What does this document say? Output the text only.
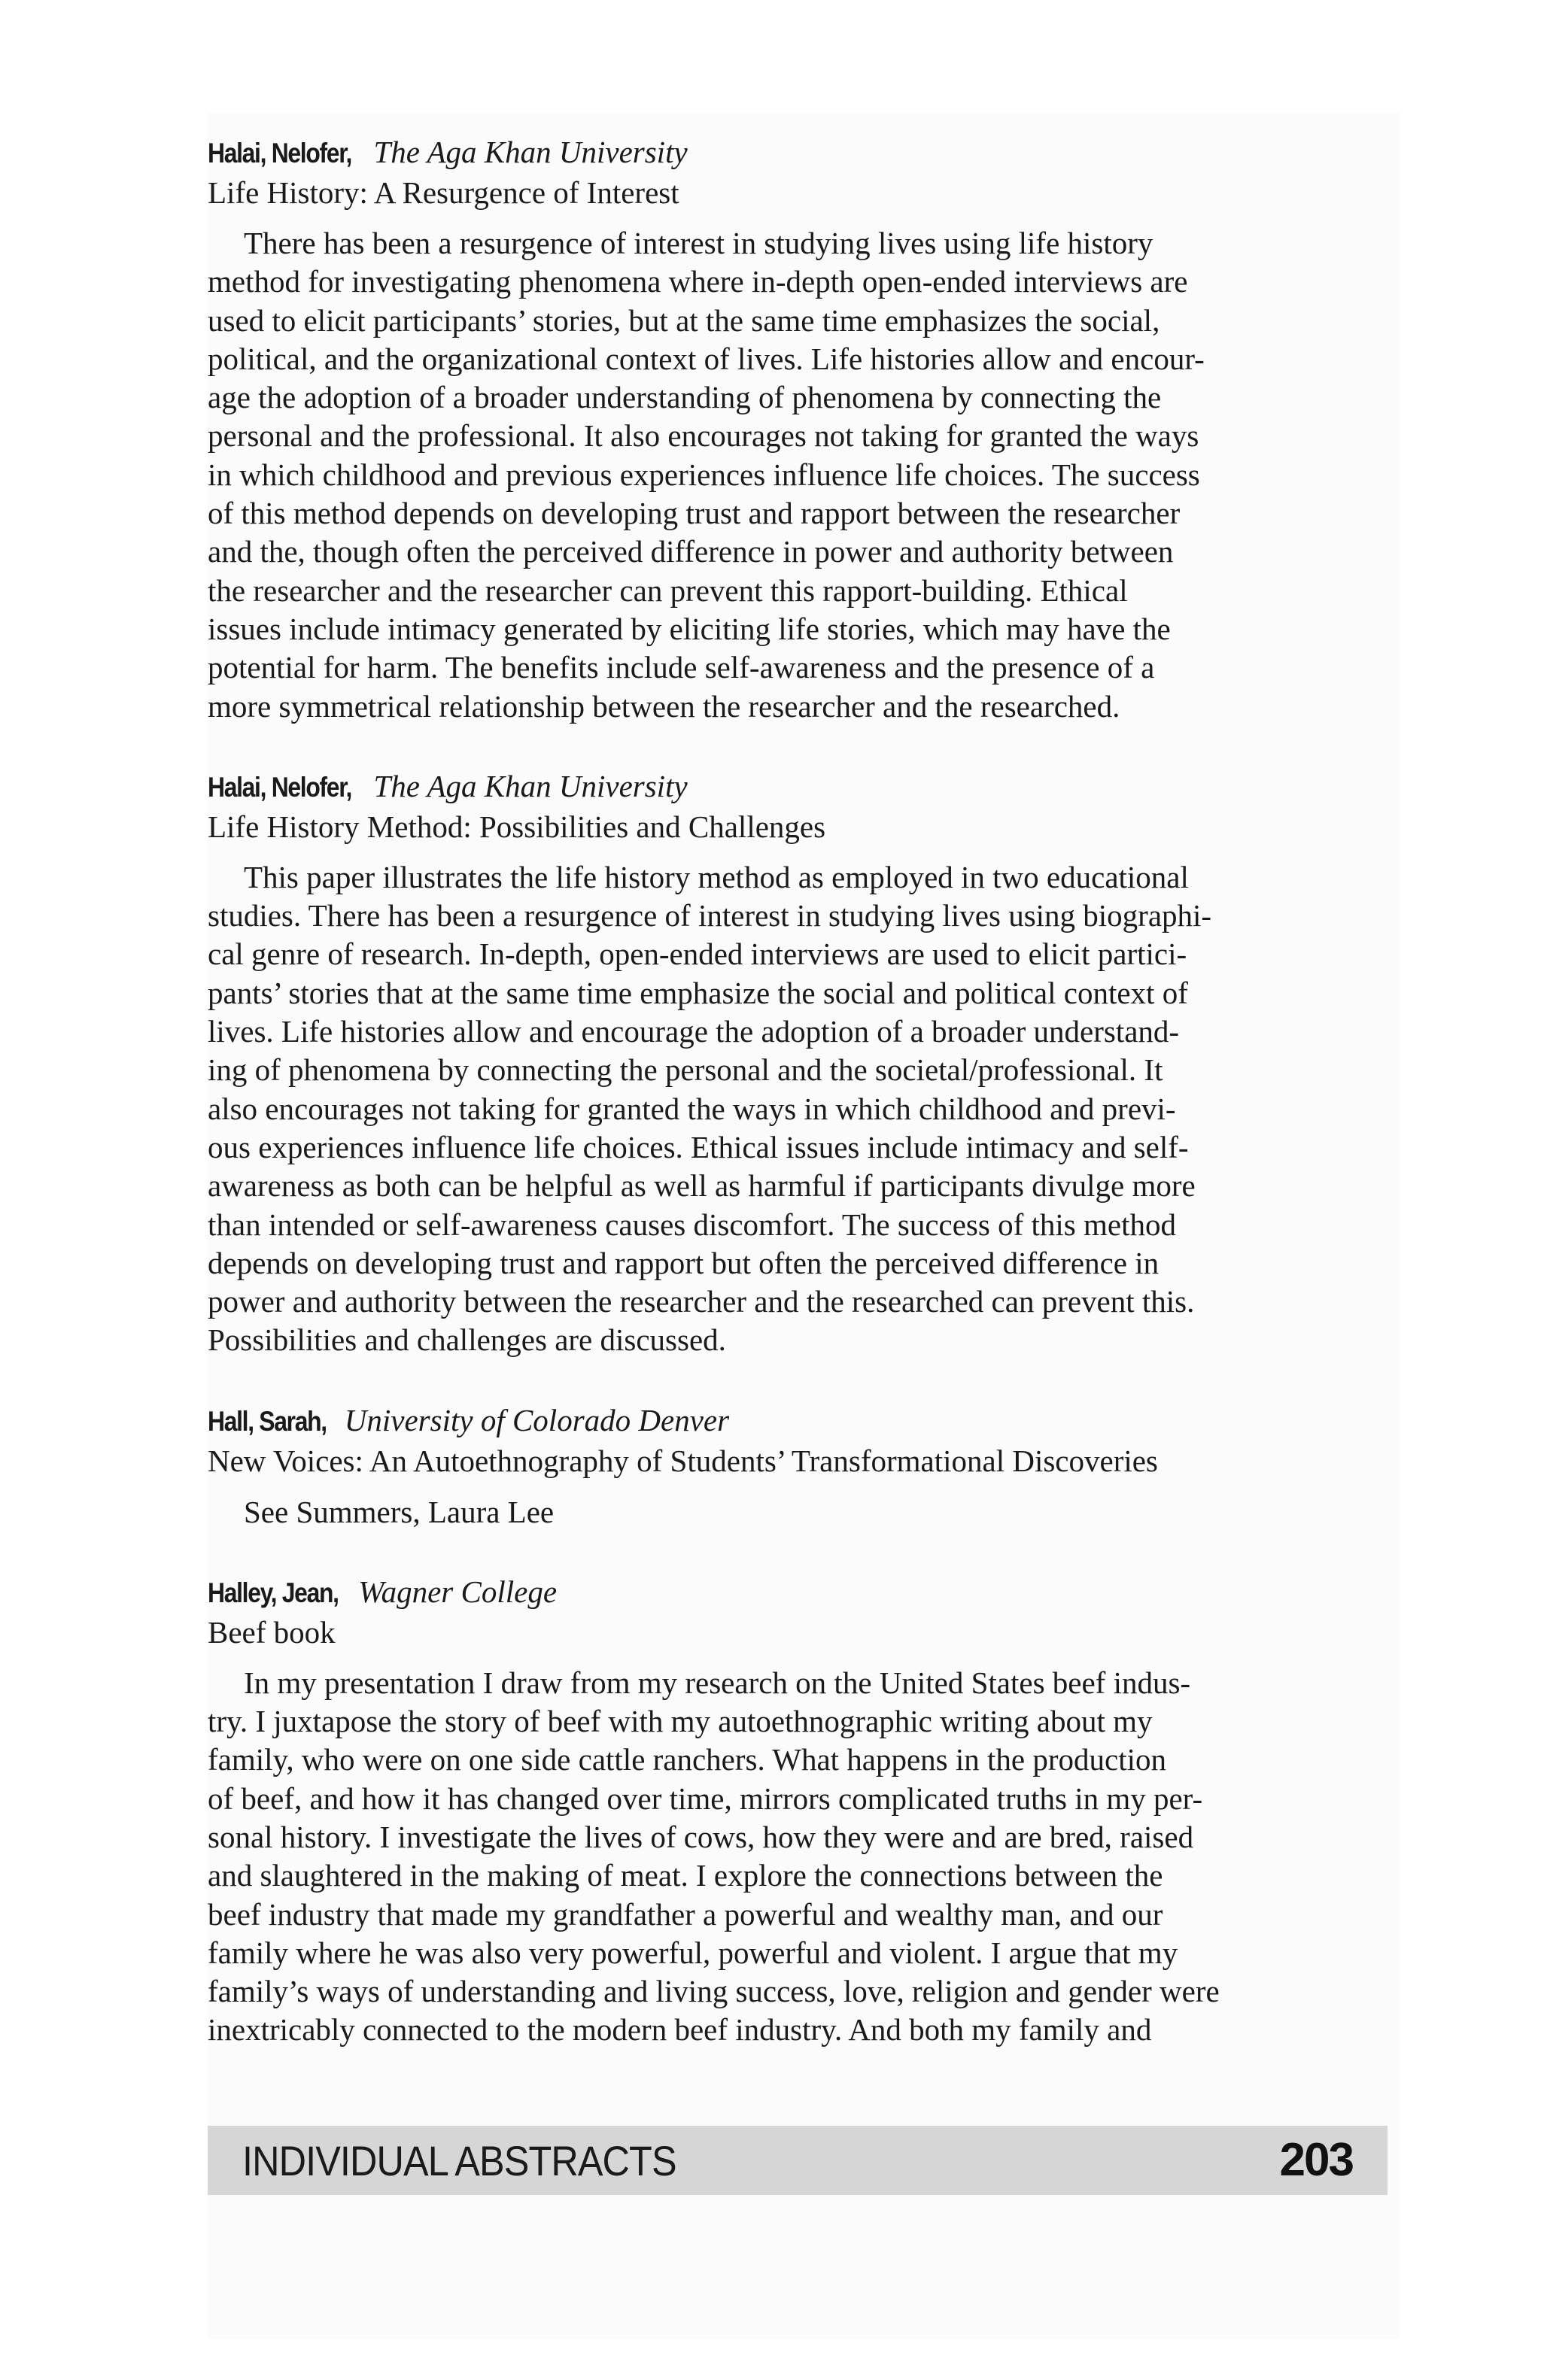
Halai, Nelofer, The Aga Khan University
Life History: A Resurgence of Interest
There has been a resurgence of interest in studying lives using life history
method for investigating phenomena where in-depth open-ended interviews are
used to elicit participants’ stories, but at the same time emphasizes the social,
political, and the organizational context of lives. Life histories allow and encour-
age the adoption of a broader understanding of phenomena by connecting the
personal and the professional. It also encourages not taking for granted the ways
in which childhood and previous experiences influence life choices. The success
of this method depends on developing trust and rapport between the researcher
and the, though often the perceived difference in power and authority between
the researcher and the researcher can prevent this rapport-building. Ethical
issues include intimacy generated by eliciting life stories, which may have the
potential for harm. The benefits include self-awareness and the presence of a
more symmetrical relationship between the researcher and the researched.
Halai, Nelofer, The Aga Khan University
Life History Method: Possibilities and Challenges
This paper illustrates the life history method as employed in two educational
studies. There has been a resurgence of interest in studying lives using biographi-
cal genre of research. In-depth, open-ended interviews are used to elicit partici-
pants’ stories that at the same time emphasize the social and political context of
lives. Life histories allow and encourage the adoption of a broader understand-
ing of phenomena by connecting the personal and the societal/professional. It
also encourages not taking for granted the ways in which childhood and previ-
ous experiences influence life choices. Ethical issues include intimacy and self-
awareness as both can be helpful as well as harmful if participants divulge more
than intended or self-awareness causes discomfort. The success of this method
depends on developing trust and rapport but often the perceived difference in
power and authority between the researcher and the researched can prevent this.
Possibilities and challenges are discussed.
Hall, Sarah, University of Colorado Denver
New Voices: An Autoethnography of Students’ Transformational Discoveries
See Summers, Laura Lee
Halley, Jean, Wagner College
Beef book
In my presentation I draw from my research on the United States beef indus-
try. I juxtapose the story of beef with my autoethnographic writing about my
family, who were on one side cattle ranchers. What happens in the production
of beef, and how it has changed over time, mirrors complicated truths in my per-
sonal history. I investigate the lives of cows, how they were and are bred, raised
and slaughtered in the making of meat. I explore the connections between the
beef industry that made my grandfather a powerful and wealthy man, and our
family where he was also very powerful, powerful and violent. I argue that my
family’s ways of understanding and living success, love, religion and gender were
inextricably connected to the modern beef industry. And both my family and
INDIVIDUAL ABSTRACTS	203
